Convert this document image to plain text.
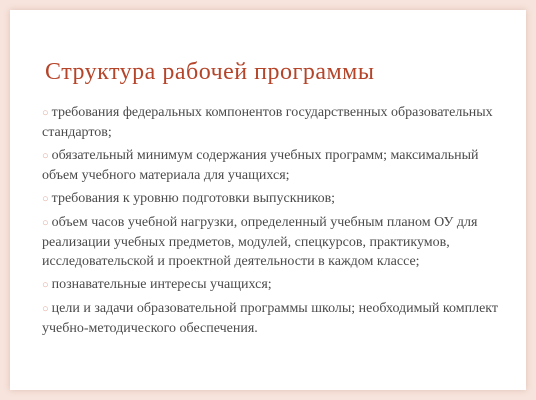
Структура рабочей программы
○ требования федеральных компонентов государственных образовательных стандартов;
○ обязательный минимум содержания учебных программ; максимальный объем учебного материала для учащихся;
○ требования к уровню подготовки выпускников;
○ объем часов учебной нагрузки, определенный учебным планом ОУ для реализации учебных предметов, модулей, спецкурсов, практикумов, исследовательской и проектной деятельности в каждом классе;
○ познавательные интересы учащихся;
○ цели и задачи образовательной программы школы; необходимый комплект учебно-методического обеспечения.
